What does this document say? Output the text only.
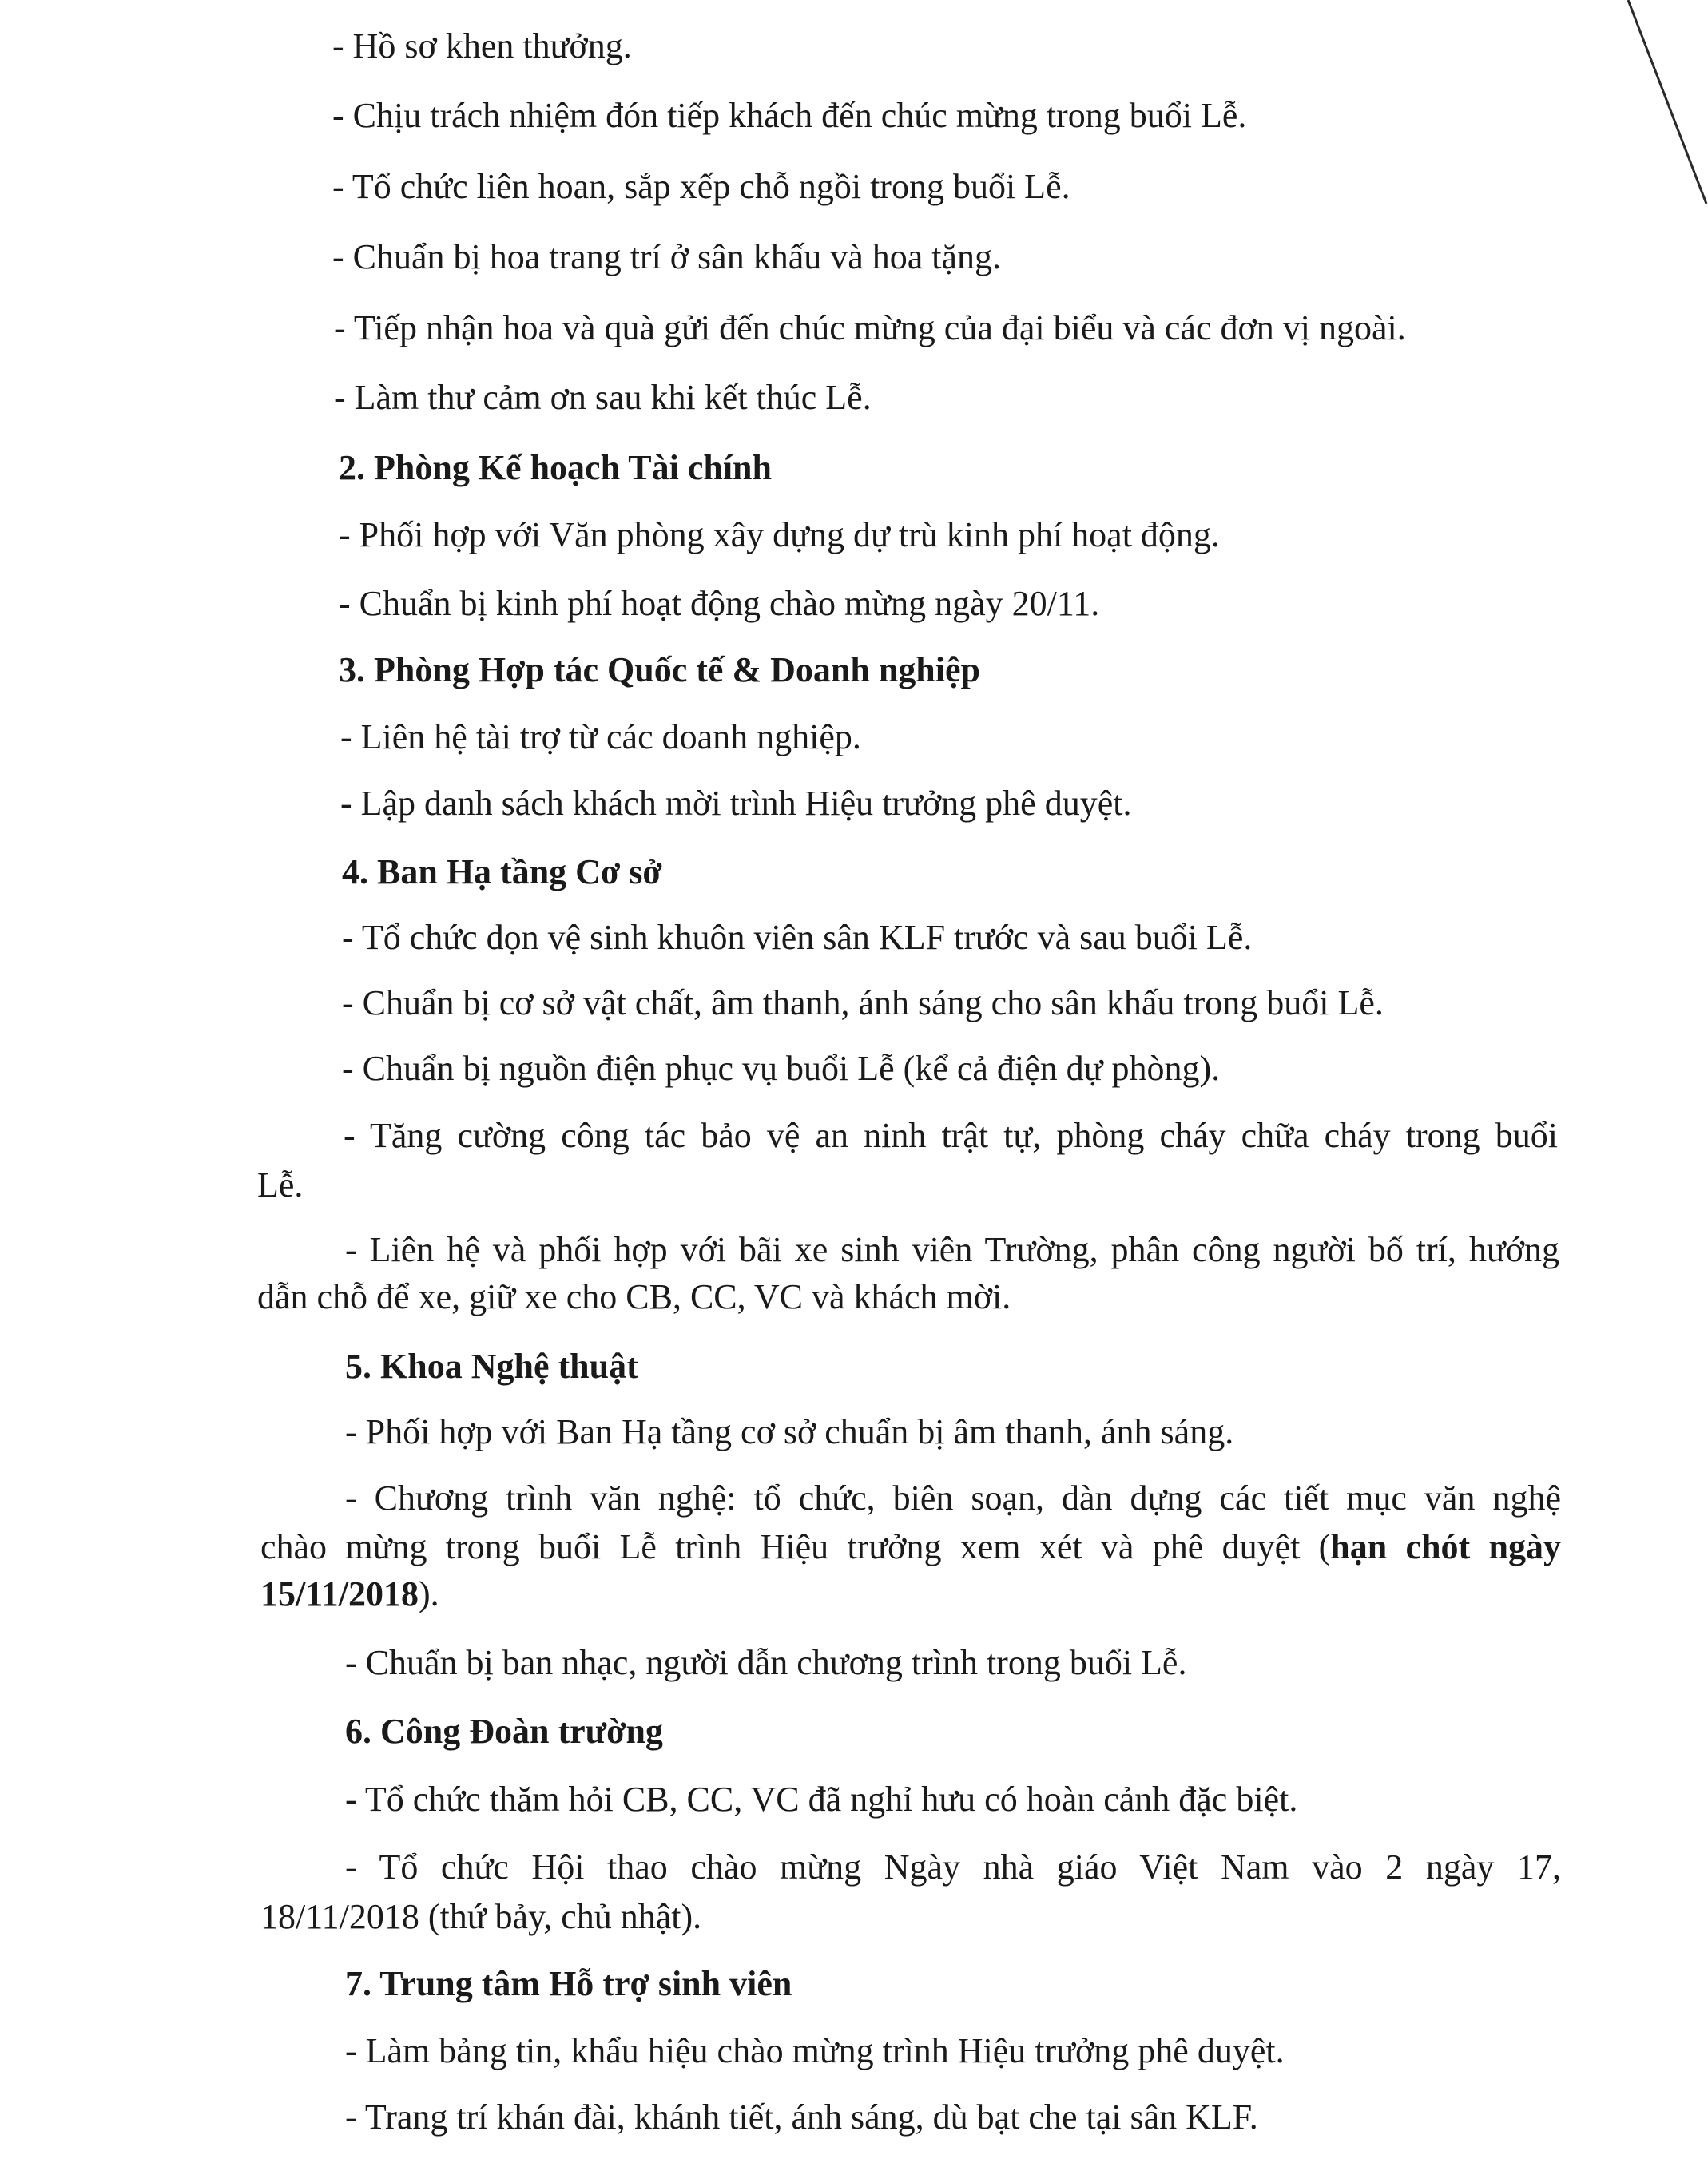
- Hồ sơ khen thưởng.

- Chịu trách nhiệm đón tiếp khách đến chúc mừng trong buổi Lễ.

- Tổ chức liên hoan, sắp xếp chỗ ngồi trong buổi Lễ.

- Chuẩn bị hoa trang trí ở sân khấu và hoa tặng.

- Tiếp nhận hoa và quà gửi đến chúc mừng của đại biểu và các đơn vị ngoài.

- Làm thư cảm ơn sau khi kết thúc Lễ.

2. Phòng Kế hoạch Tài chính

- Phối hợp với Văn phòng xây dựng dự trù kinh phí hoạt động.

- Chuẩn bị kinh phí hoạt động chào mừng ngày 20/11.

3. Phòng Hợp tác Quốc tế & Doanh nghiệp

- Liên hệ tài trợ từ các doanh nghiệp.

- Lập danh sách khách mời trình Hiệu trưởng phê duyệt.

4. Ban Hạ tầng Cơ sở

- Tổ chức dọn vệ sinh khuôn viên sân KLF trước và sau buổi Lễ.

- Chuẩn bị cơ sở vật chất, âm thanh, ánh sáng cho sân khấu trong buổi Lễ.

- Chuẩn bị nguồn điện phục vụ buổi Lễ (kể cả điện dự phòng).

- Tăng cường công tác bảo vệ an ninh trật tự, phòng cháy chữa cháy trong buổi

Lễ.

- Liên hệ và phối hợp với bãi xe sinh viên Trường, phân công người bố trí, hướng

dẫn chỗ để xe, giữ xe cho CB, CC, VC và khách mời.

5. Khoa Nghệ thuật

- Phối hợp với Ban Hạ tầng cơ sở chuẩn bị âm thanh, ánh sáng.

- Chương trình văn nghệ: tổ chức, biên soạn, dàn dựng các tiết mục văn nghệ

chào mừng trong buổi Lễ trình Hiệu trưởng xem xét và phê duyệt (hạn chót ngày

15/11/2018).

- Chuẩn bị ban nhạc, người dẫn chương trình trong buổi Lễ.

6. Công Đoàn trường

- Tổ chức thăm hỏi CB, CC, VC đã nghỉ hưu có hoàn cảnh đặc biệt.

- Tổ chức Hội thao chào mừng Ngày nhà giáo Việt Nam vào 2 ngày 17,

18/11/2018 (thứ bảy, chủ nhật).

7. Trung tâm Hỗ trợ sinh viên

- Làm bảng tin, khẩu hiệu chào mừng trình Hiệu trưởng phê duyệt.

- Trang trí khán đài, khánh tiết, ánh sáng, dù bạt che tại sân KLF.
